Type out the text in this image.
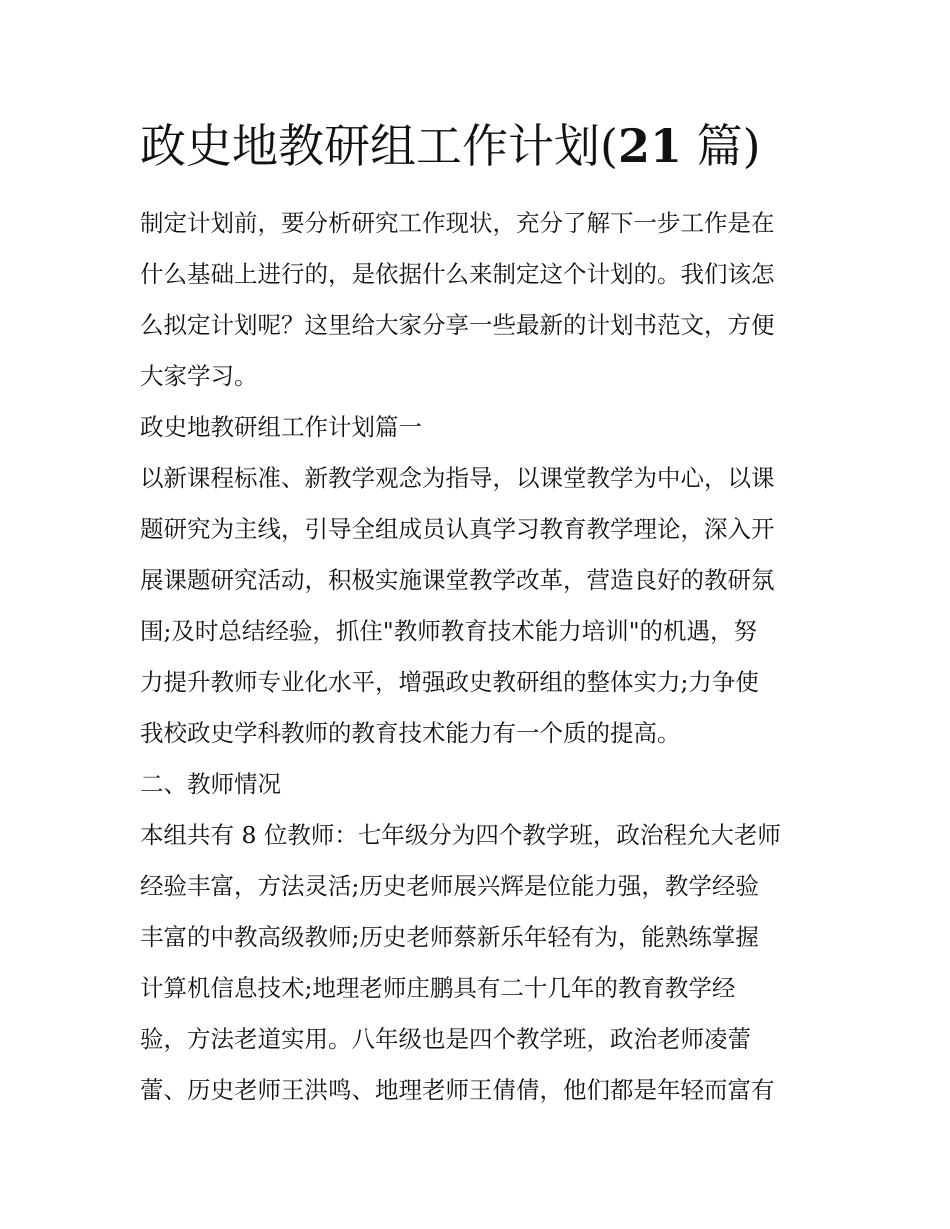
政史地教研组工作计划(21 篇)
制定计划前，要分析研究工作现状，充分了解下一步工作是在
什么基础上进行的，是依据什么来制定这个计划的。我们该怎
么拟定计划呢？这里给大家分享一些最新的计划书范文，方便
大家学习。
政史地教研组工作计划篇一
以新课程标准、新教学观念为指导，以课堂教学为中心，以课
题研究为主线，引导全组成员认真学习教育教学理论，深入开
展课题研究活动，积极实施课堂教学改革，营造良好的教研氛
围;及时总结经验，抓住"教师教育技术能力培训"的机遇，努
力提升教师专业化水平，增强政史教研组的整体实力;力争使
我校政史学科教师的教育技术能力有一个质的提高。
二、教师情况
本组共有 8 位教师：七年级分为四个教学班，政治程允大老师
经验丰富，方法灵活;历史老师展兴辉是位能力强，教学经验
丰富的中教高级教师;历史老师蔡新乐年轻有为，能熟练掌握
计算机信息技术;地理老师庄鹏具有二十几年的教育教学经
验，方法老道实用。八年级也是四个教学班，政治老师凌蕾
蕾、历史老师王洪鸣、地理老师王倩倩，他们都是年轻而富有
